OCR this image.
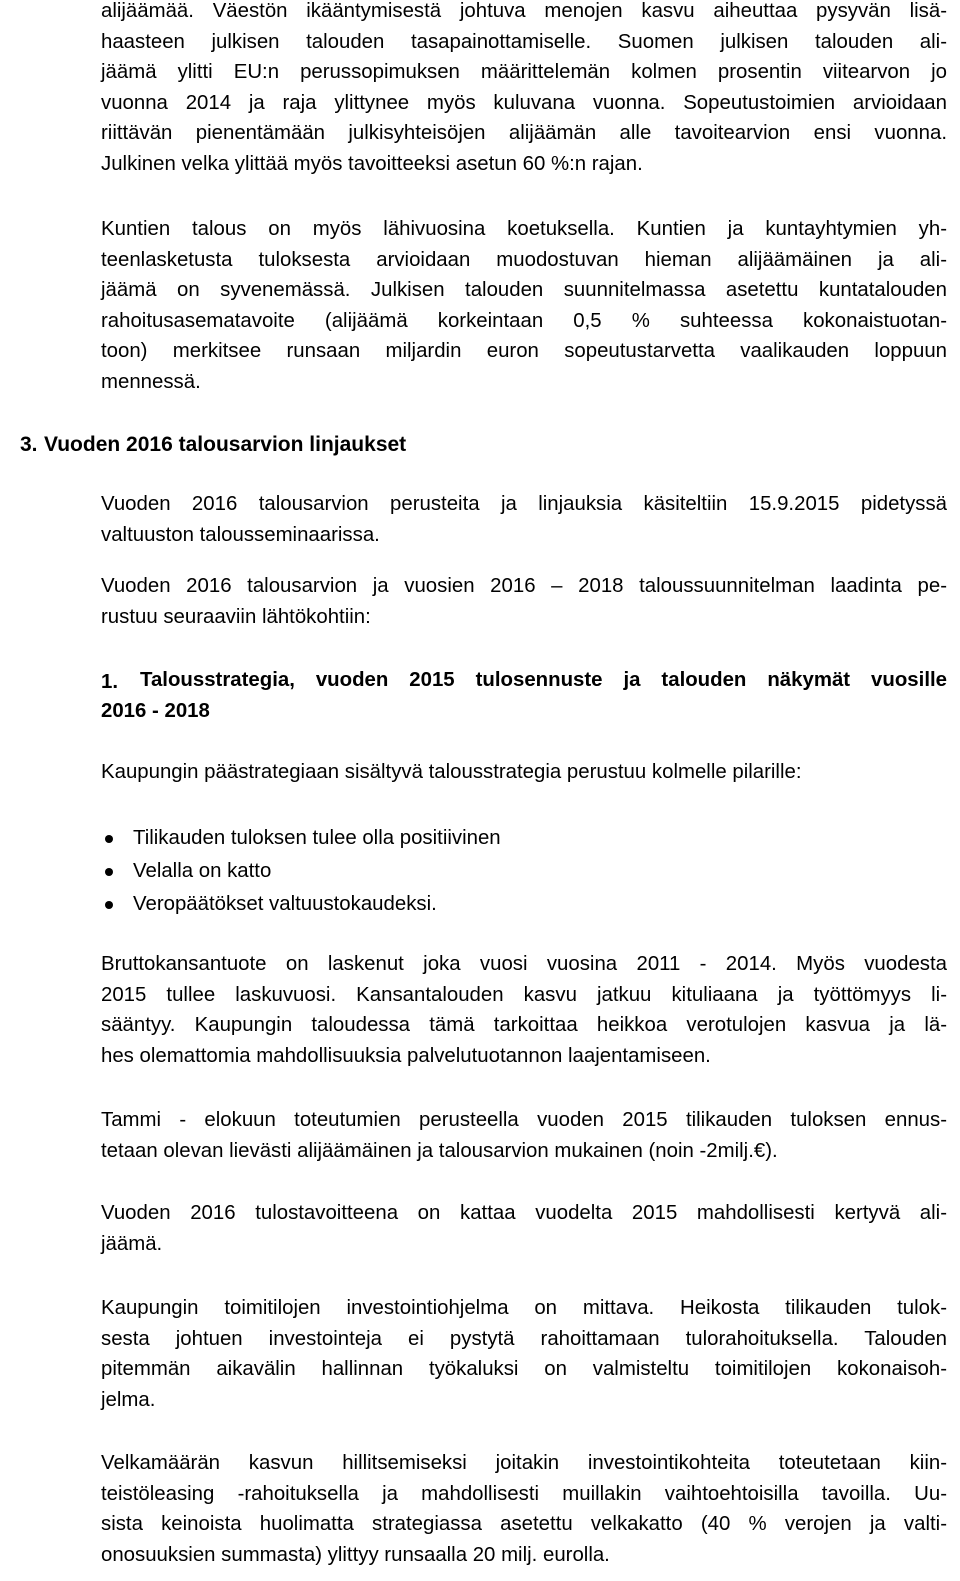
alijäämää. Väestön ikääntymisestä johtuva menojen kasvu aiheuttaa pysyvän lisä-
haasteen julkisen talouden tasapainottamiselle. Suomen julkisen talouden ali-
jäämä ylitti EU:n perussopimuksen määrittelemän kolmen prosentin viitearvon jo
vuonna 2014 ja raja ylittynee myös kuluvana vuonna. Sopeutustoimien arvioidaan
riittävän pienentämään julkisyhteisöjen alijäämän alle tavoitearvion ensi vuonna.
Julkinen velka ylittää myös tavoitteeksi asetun 60 %:n rajan.
Kuntien talous on myös lähivuosina koetuksella. Kuntien ja kuntayhtymien yh-
teenlasketusta tuloksesta arvioidaan muodostuvan hieman alijäämäinen ja ali-
jäämä on syvenemässä. Julkisen talouden suunnitelmassa asetettu kuntatalouden
rahoitusasematavoite (alijäämä korkeintaan 0,5 % suhteessa kokonaistuotan-
toon) merkitsee runsaan miljardin euron sopeutustarvetta vaalikauden loppuun
mennessä.
3. Vuoden 2016 talousarvion linjaukset
Vuoden 2016 talousarvion perusteita ja linjauksia käsiteltiin 15.9.2015 pidetyssä
valtuuston talousseminaarissa.
Vuoden 2016 talousarvion ja vuosien 2016 – 2018 taloussuunnitelman laadinta pe-
rustuu seuraaviin lähtökohtiin:
1. Talousstrategia, vuoden 2015 tulosennuste ja talouden näkymät vuosille
2016 - 2018
Kaupungin päästrategiaan sisältyvä talousstrategia perustuu kolmelle pilarille:
Tilikauden tuloksen tulee olla positiivinen
Velalla on katto
Veropäätökset valtuustokaudeksi.
Bruttokansantuote on laskenut joka vuosi vuosina 2011 - 2014. Myös vuodesta
2015 tullee laskuvuosi. Kansantalouden kasvu jatkuu kituliaana ja työttömyys li-
sääntyy. Kaupungin taloudessa tämä tarkoittaa heikkoa verotulojen kasvua ja lä-
hes olemattomia mahdollisuuksia palvelutuotannon laajentamiseen.
Tammi - elokuun toteutumien perusteella vuoden 2015 tilikauden tuloksen ennus-
tetaan olevan lievästi alijäämäinen ja talousarvion mukainen (noin -2milj.€).
Vuoden 2016 tulostavoitteena on kattaa vuodelta 2015 mahdollisesti kertyvä ali-
jäämä.
Kaupungin toimitilojen investointiohjelma on mittava. Heikosta tilikauden tulok-
sesta johtuen investointeja ei pystytä rahoittamaan tulorahoituksella. Talouden
pitemmän aikavälin hallinnan työkaluksi on valmisteltu toimitilojen kokonaisoh-
jelma.
Velkamäärän kasvun hillitsemiseksi joitakin investointikohteita toteutetaan kiin-
teistöleasing -rahoituksella ja mahdollisesti muillakin vaihtoehtoisilla tavoilla. Uu-
sista keinoista huolimatta strategiassa asetettu velkakatto (40 % verojen ja valti-
onosuuksien summasta) ylittyy runsaalla 20 milj. eurolla.
